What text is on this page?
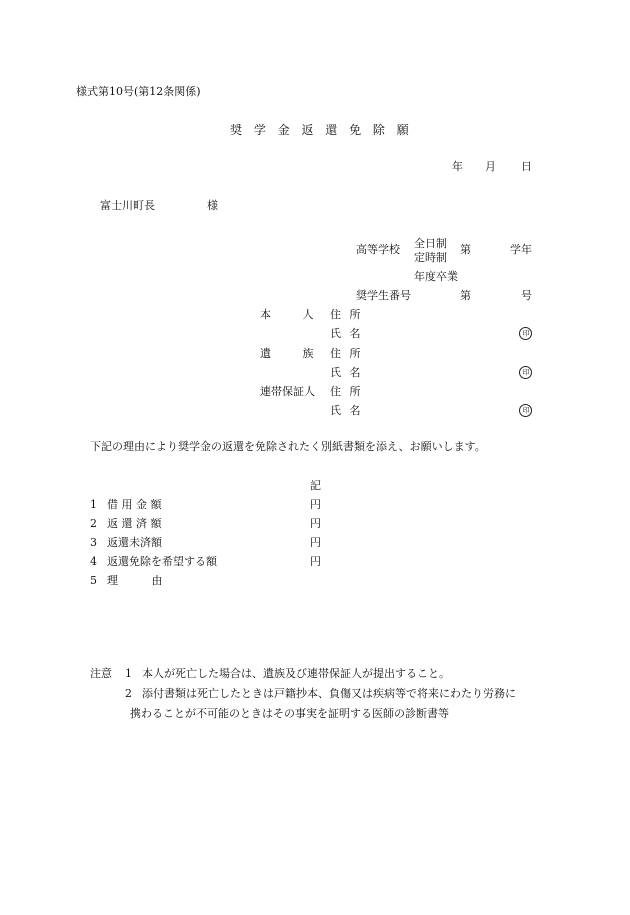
様式第10号(第12条関係)
奨 学 金 返 還 免 除 願
年 月 日
富士川町長	様
高等学校 全日制
定時制
第	学年
年度卒業
奨学生番号	第	号
本 人 住 所
氏 名	印
遺 族 住 所
氏 名	印
連帯保証人 住 所
氏 名	印
下記の理由により奨学金の返還を免除されたく別紙書類を添え、お願いします。
記
1 借 用 金 額	円
2 返 還 済 額	円
3 返還未済額	円
4 返還免除を希望する額	円
5 理 由
注意 1 本人が死亡した場合は、遺族及び連帯保証人が提出すること。
2 添付書類は死亡したときは戸籍抄本、負傷又は疾病等で将来にわたり労務に
携わることが不可能のときはその事実を証明する医師の診断書等
